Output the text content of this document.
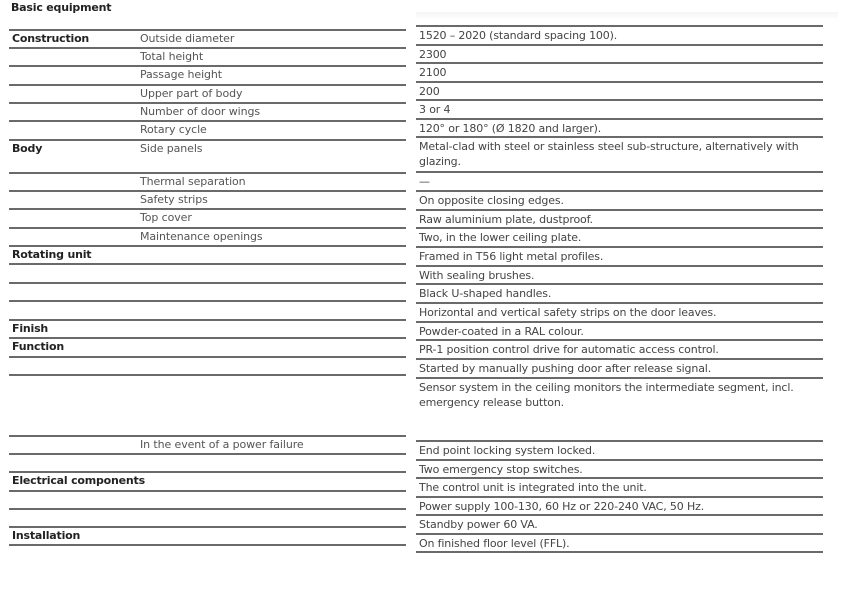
Basic equipment
Construction	Outside diameter
Total height
Passage height
Upper part of body
Number of door wings
Rotary cycle
Body	Side panels
Thermal separation
Safety strips
Top cover
Maintenance openings
Rotating unit
Finish
Function
In the event of a power failure
Electrical components
Installation
1520 – 2020 (standard spacing 100).
2300
2100
200
3 or 4
120° or 180° (Ø 1820 and larger).
Metal-clad with steel or stainless steel sub-structure, alternatively with glazing.
—
On opposite closing edges.
Raw aluminium plate, dustproof.
Two, in the lower ceiling plate.
Framed in T56 light metal profiles.
With sealing brushes.
Black U-shaped handles.
Horizontal and vertical safety strips on the door leaves.
Powder-coated in a RAL colour.
PR-1 position control drive for automatic access control.
Started by manually pushing door after release signal.
Sensor system in the ceiling monitors the intermediate segment, incl. emergency release button.
End point locking system locked.
Two emergency stop switches.
The control unit is integrated into the unit.
Power supply 100-130, 60 Hz or 220-240 VAC, 50 Hz.
Standby power 60 VA.
On finished floor level (FFL).
